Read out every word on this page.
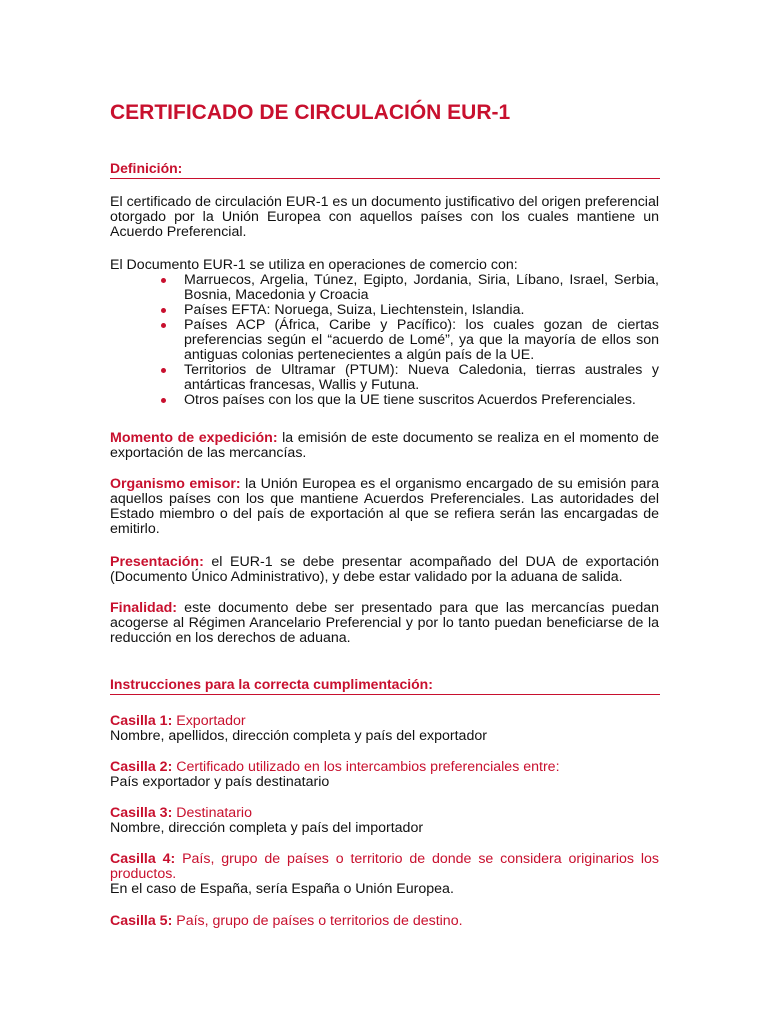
CERTIFICADO DE CIRCULACIÓN EUR-1
Definición:

El certificado de circulación EUR-1 es un documento justificativo del origen preferencial otorgado por la Unión Europea con aquellos países con los cuales mantiene un Acuerdo Preferencial.

El Documento EUR-1 se utiliza en operaciones de comercio con:

Marruecos, Argelia, Túnez, Egipto, Jordania, Siria, Líbano, Israel, Serbia, Bosnia, Macedonia y Croacia
Países EFTA: Noruega, Suiza, Liechtenstein, Islandia.
Países ACP (África, Caribe y Pacífico): los cuales gozan de ciertas preferencias según el “acuerdo de Lomé”, ya que la mayoría de ellos son antiguas colonias pertenecientes a algún país de la UE.
Territorios de Ultramar (PTUM): Nueva Caledonia, tierras australes y antárticas francesas, Wallis y Futuna.
Otros países con los que la UE tiene suscritos Acuerdos Preferenciales.

Momento de expedición: la emisión de este documento se realiza en el momento de exportación de las mercancías.

Organismo emisor: la Unión Europea es el organismo encargado de su emisión para aquellos países con los que mantiene Acuerdos Preferenciales. Las autoridades del Estado miembro o del país de exportación al que se refiera serán las encargadas de emitirlo.

Presentación: el EUR-1 se debe presentar acompañado del DUA de exportación (Documento Único Administrativo), y debe estar validado por la aduana de salida.

Finalidad: este documento debe ser presentado para que las mercancías puedan acogerse al Régimen Arancelario Preferencial y por lo tanto puedan beneficiarse de la reducción en los derechos de aduana.

Instrucciones para la correcta cumplimentación:
Casilla 1: Exportador
Nombre, apellidos, dirección completa y país del exportador
Casilla 2: Certificado utilizado en los intercambios preferenciales entre:
País exportador y país destinatario
Casilla 3: Destinatario
Nombre, dirección completa y país del importador
Casilla 4: País, grupo de países o territorio de donde se considera originarios los productos.
En el caso de España, sería España o Unión Europea.
Casilla 5: País, grupo de países o territorios de destino.
